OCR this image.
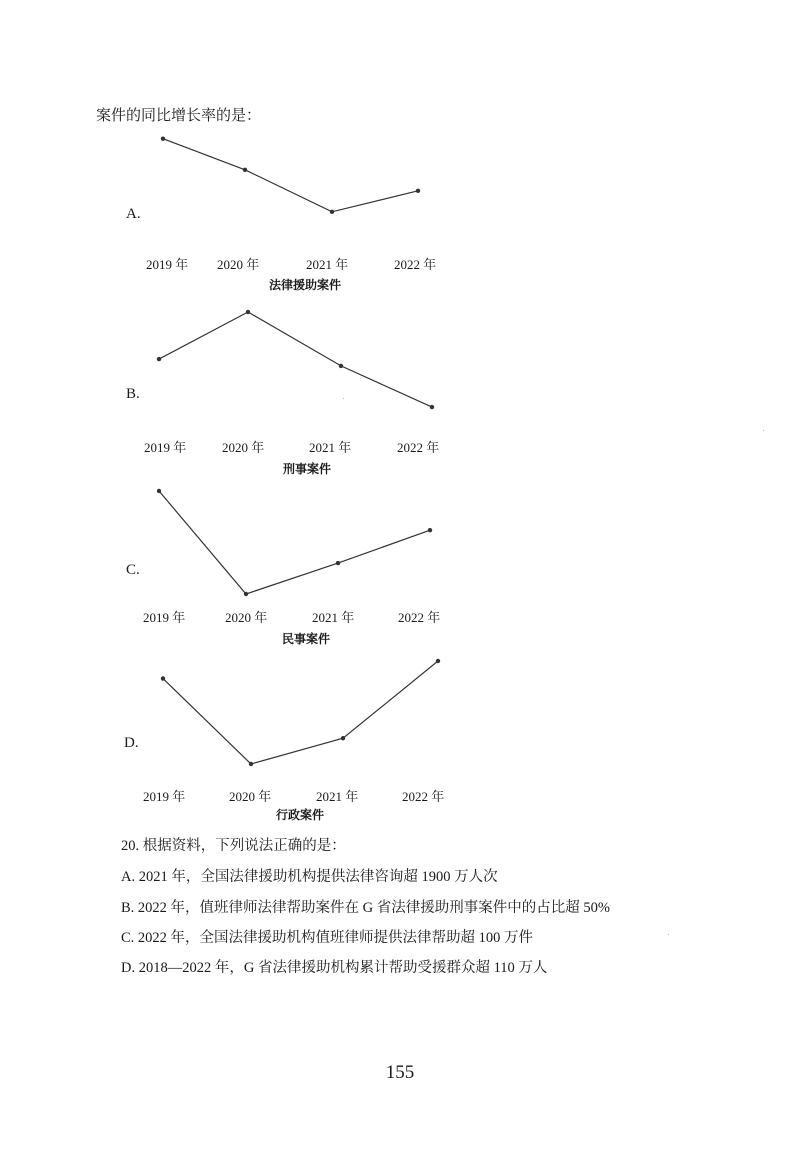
案件的同比增长率的是：
A.
2019 年 2020 年	2021 年	2022 年
法律援助案件
B.
2019 年	2020 年	2021 年	2022 年
刑事案件
C.
2019 年	2020 年	2021 年	2022 年
民事案件
D.
2019 年	2020 年	2021 年	2022 年
行政案件
20. 根据资料，下列说法正确的是：
A. 2021 年，全国法律援助机构提供法律咨询超 1900 万人次
B. 2022 年，值班律师法律帮助案件在 G 省法律援助刑事案件中的占比超 50%
C. 2022 年，全国法律援助机构值班律师提供法律帮助超 100 万件
D. 2018—2022 年，G 省法律援助机构累计帮助受援群众超 110 万人
155
